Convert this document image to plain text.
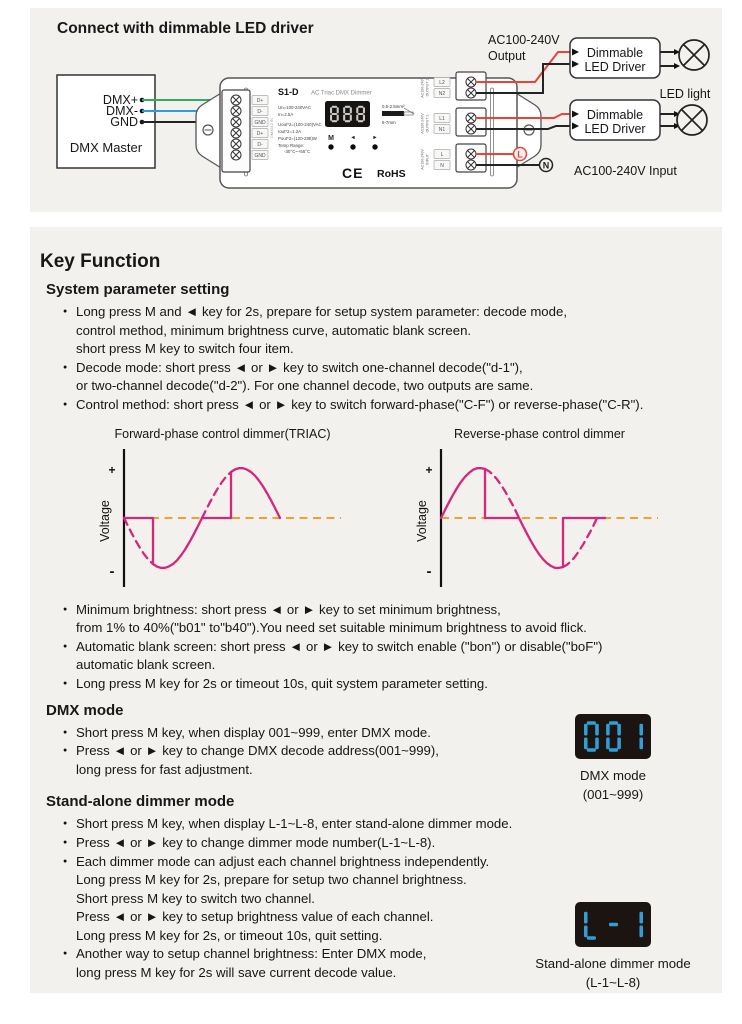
DMX+
DMX-
GND
DMX Master
D+
D-
GND
D+
D-
GND
DMX512 IN
S1-D AC Triac DMX Dimmer
Un=100-240VAC
In=2.5A
Uout*2=(100-240)VAC
Iout*2=1.2A
Pout*2=(120-288)W
Temp Range:
-30°C~+55°C
M	◄	►
0.5-2.5mm²
6-7mm
CE RoHS
L2
N2
AC100-240V OUTPUT 2
L1
N1
AC100-240V OUTPUT 1
L
N
AC100-240V INPUT	L
N
Dimmable
LED Driver
Dimmable
LED Driver
LED light
AC100-240V
Output
AC100-240V Input
Connect with dimmable LED driver
Key Function
System parameter setting
● Long press M and ◄ key for 2s, prepare for setup system parameter: decode mode,
control method, minimum brightness curve, automatic blank screen.
short press M key to switch four item.
● Decode mode: short press ◄ or ► key to switch one-channel decode("d-1"),
or two-channel decode("d-2"). For one channel decode, two outputs are same.
● Control method: short press ◄ or ► key to switch forward-phase("C-F") or reverse-phase("C-R").
Forward-phase control dimmer(TRIAC)
+
Voltage
-
Reverse-phase control dimmer
+
Voltage
-
● Minimum brightness: short press ◄ or ► key to set minimum brightness,
from 1% to 40%("b01" to"b40").You need set suitable minimum brightness to avoid flick.
● Automatic blank screen: short press ◄ or ► key to switch enable ("bon") or disable("boF")
automatic blank screen.
● Long press M key for 2s or timeout 10s, quit system parameter setting.
DMX mode
● Short press M key, when display 001~999, enter DMX mode.
● Press ◄ or ► key to change DMX decode address(001~999),
long press for fast adjustment.
Stand-alone dimmer mode
● Short press M key, when display L-1~L-8, enter stand-alone dimmer mode.
● Press ◄ or ► key to change dimmer mode number(L-1~L-8).
● Each dimmer mode can adjust each channel brightness independently.
Long press M key for 2s, prepare for setup two channel brightness.
Short press M key to switch two channel.
Press ◄ or ► key to setup brightness value of each channel.
Long press M key for 2s, or timeout 10s, quit setting.
● Another way to setup channel brightness: Enter DMX mode,
long press M key for 2s will save current decode value.
DMX mode
(001~999)
Stand-alone dimmer mode
(L-1~L-8)
